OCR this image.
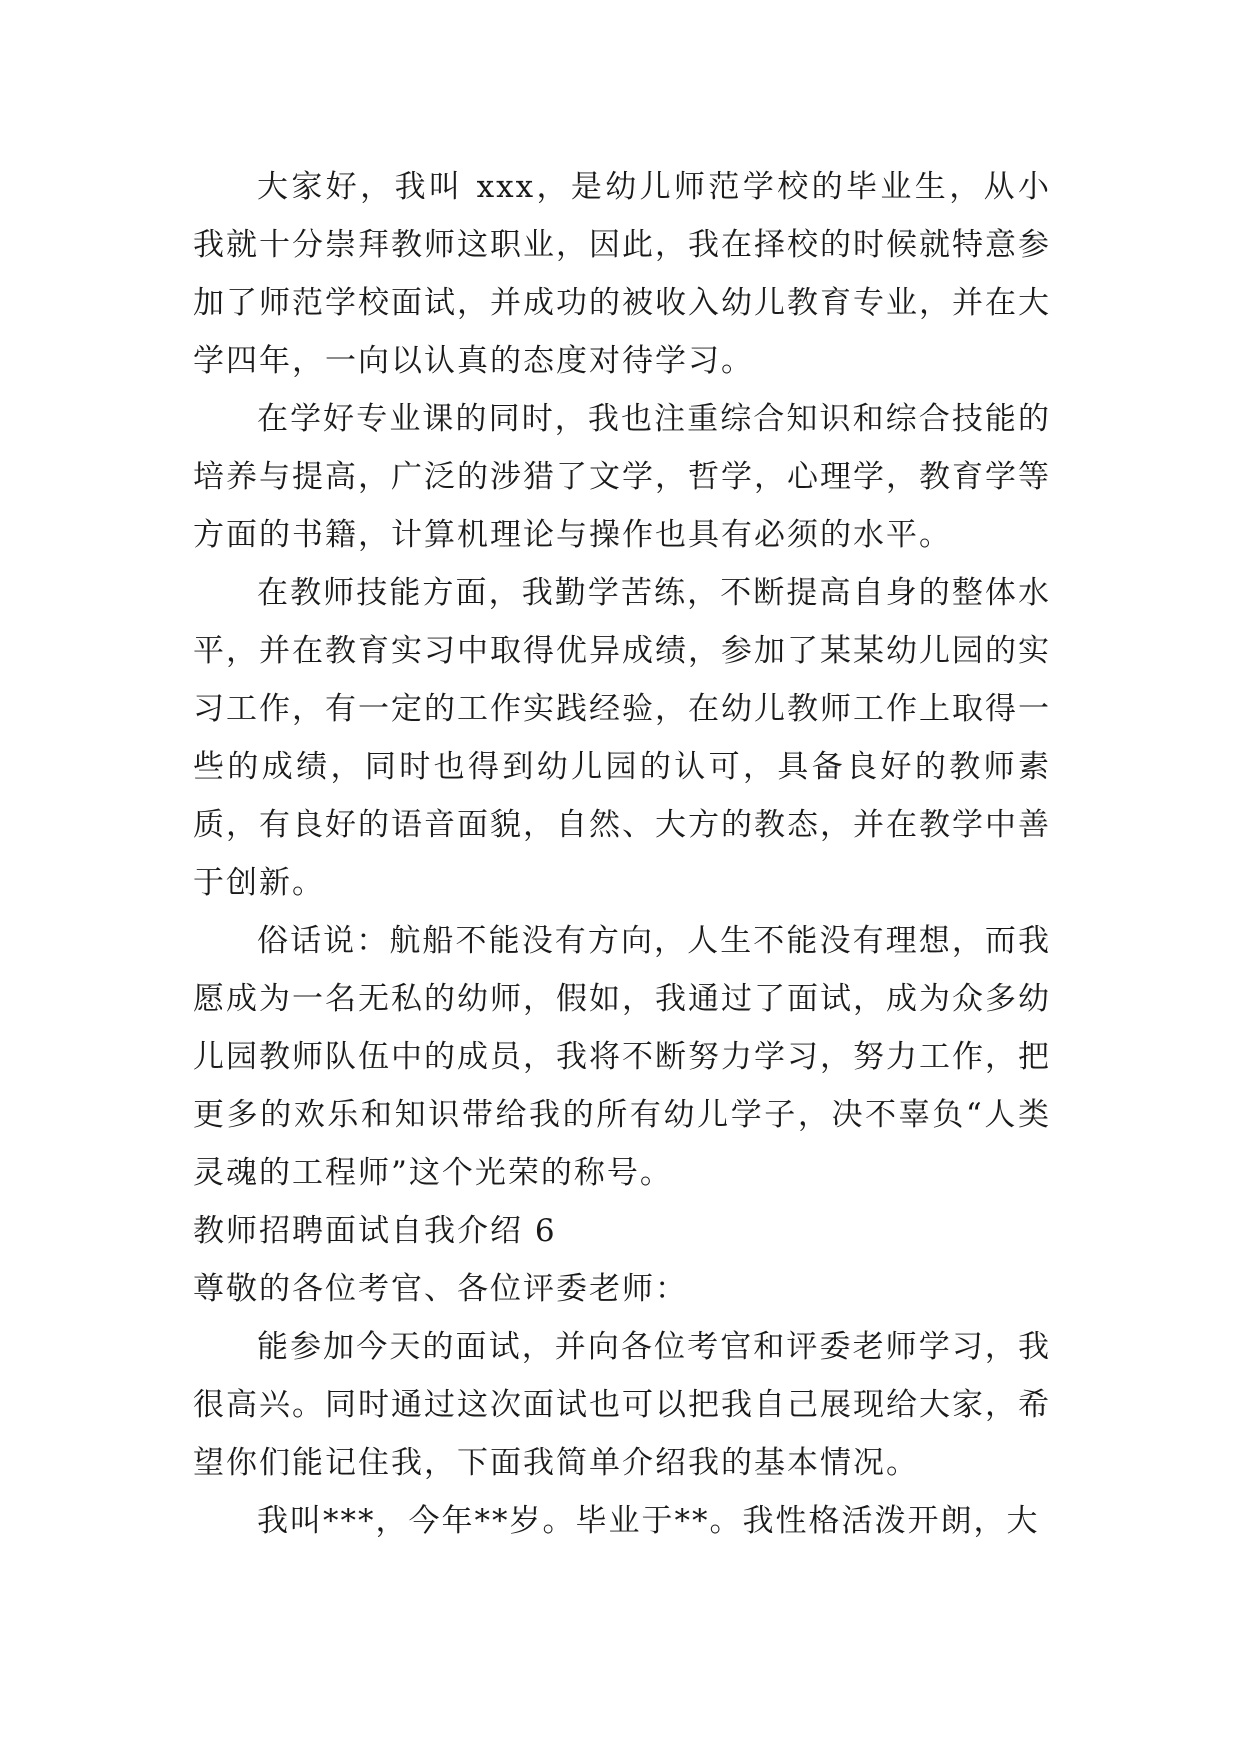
大家好，我叫 xxx，是幼儿师范学校的毕业生，从小我就十分崇拜教师这职业，因此，我在择校的时候就特意参加了师范学校面试，并成功的被收入幼儿教育专业，并在大学四年，一向以认真的态度对待学习。

在学好专业课的同时，我也注重综合知识和综合技能的培养与提高，广泛的涉猎了文学，哲学，心理学，教育学等方面的书籍，计算机理论与操作也具有必须的水平。

在教师技能方面，我勤学苦练，不断提高自身的整体水平，并在教育实习中取得优异成绩，参加了某某幼儿园的实习工作，有一定的工作实践经验，在幼儿教师工作上取得一些的成绩，同时也得到幼儿园的认可，具备良好的教师素质，有良好的语音面貌，自然、大方的教态，并在教学中善于创新。

俗话说：航船不能没有方向，人生不能没有理想，而我愿成为一名无私的幼师，假如，我通过了面试，成为众多幼儿园教师队伍中的成员，我将不断努力学习，努力工作，把更多的欢乐和知识带给我的所有幼儿学子，决不辜负“人类灵魂的工程师”这个光荣的称号。

教师招聘面试自我介绍 6

尊敬的各位考官、各位评委老师：

能参加今天的面试，并向各位考官和评委老师学习，我很高兴。同时通过这次面试也可以把我自己展现给大家，希望你们能记住我，下面我简单介绍我的基本情况。

我叫***，今年**岁。毕业于**。我性格活泼开朗，大
